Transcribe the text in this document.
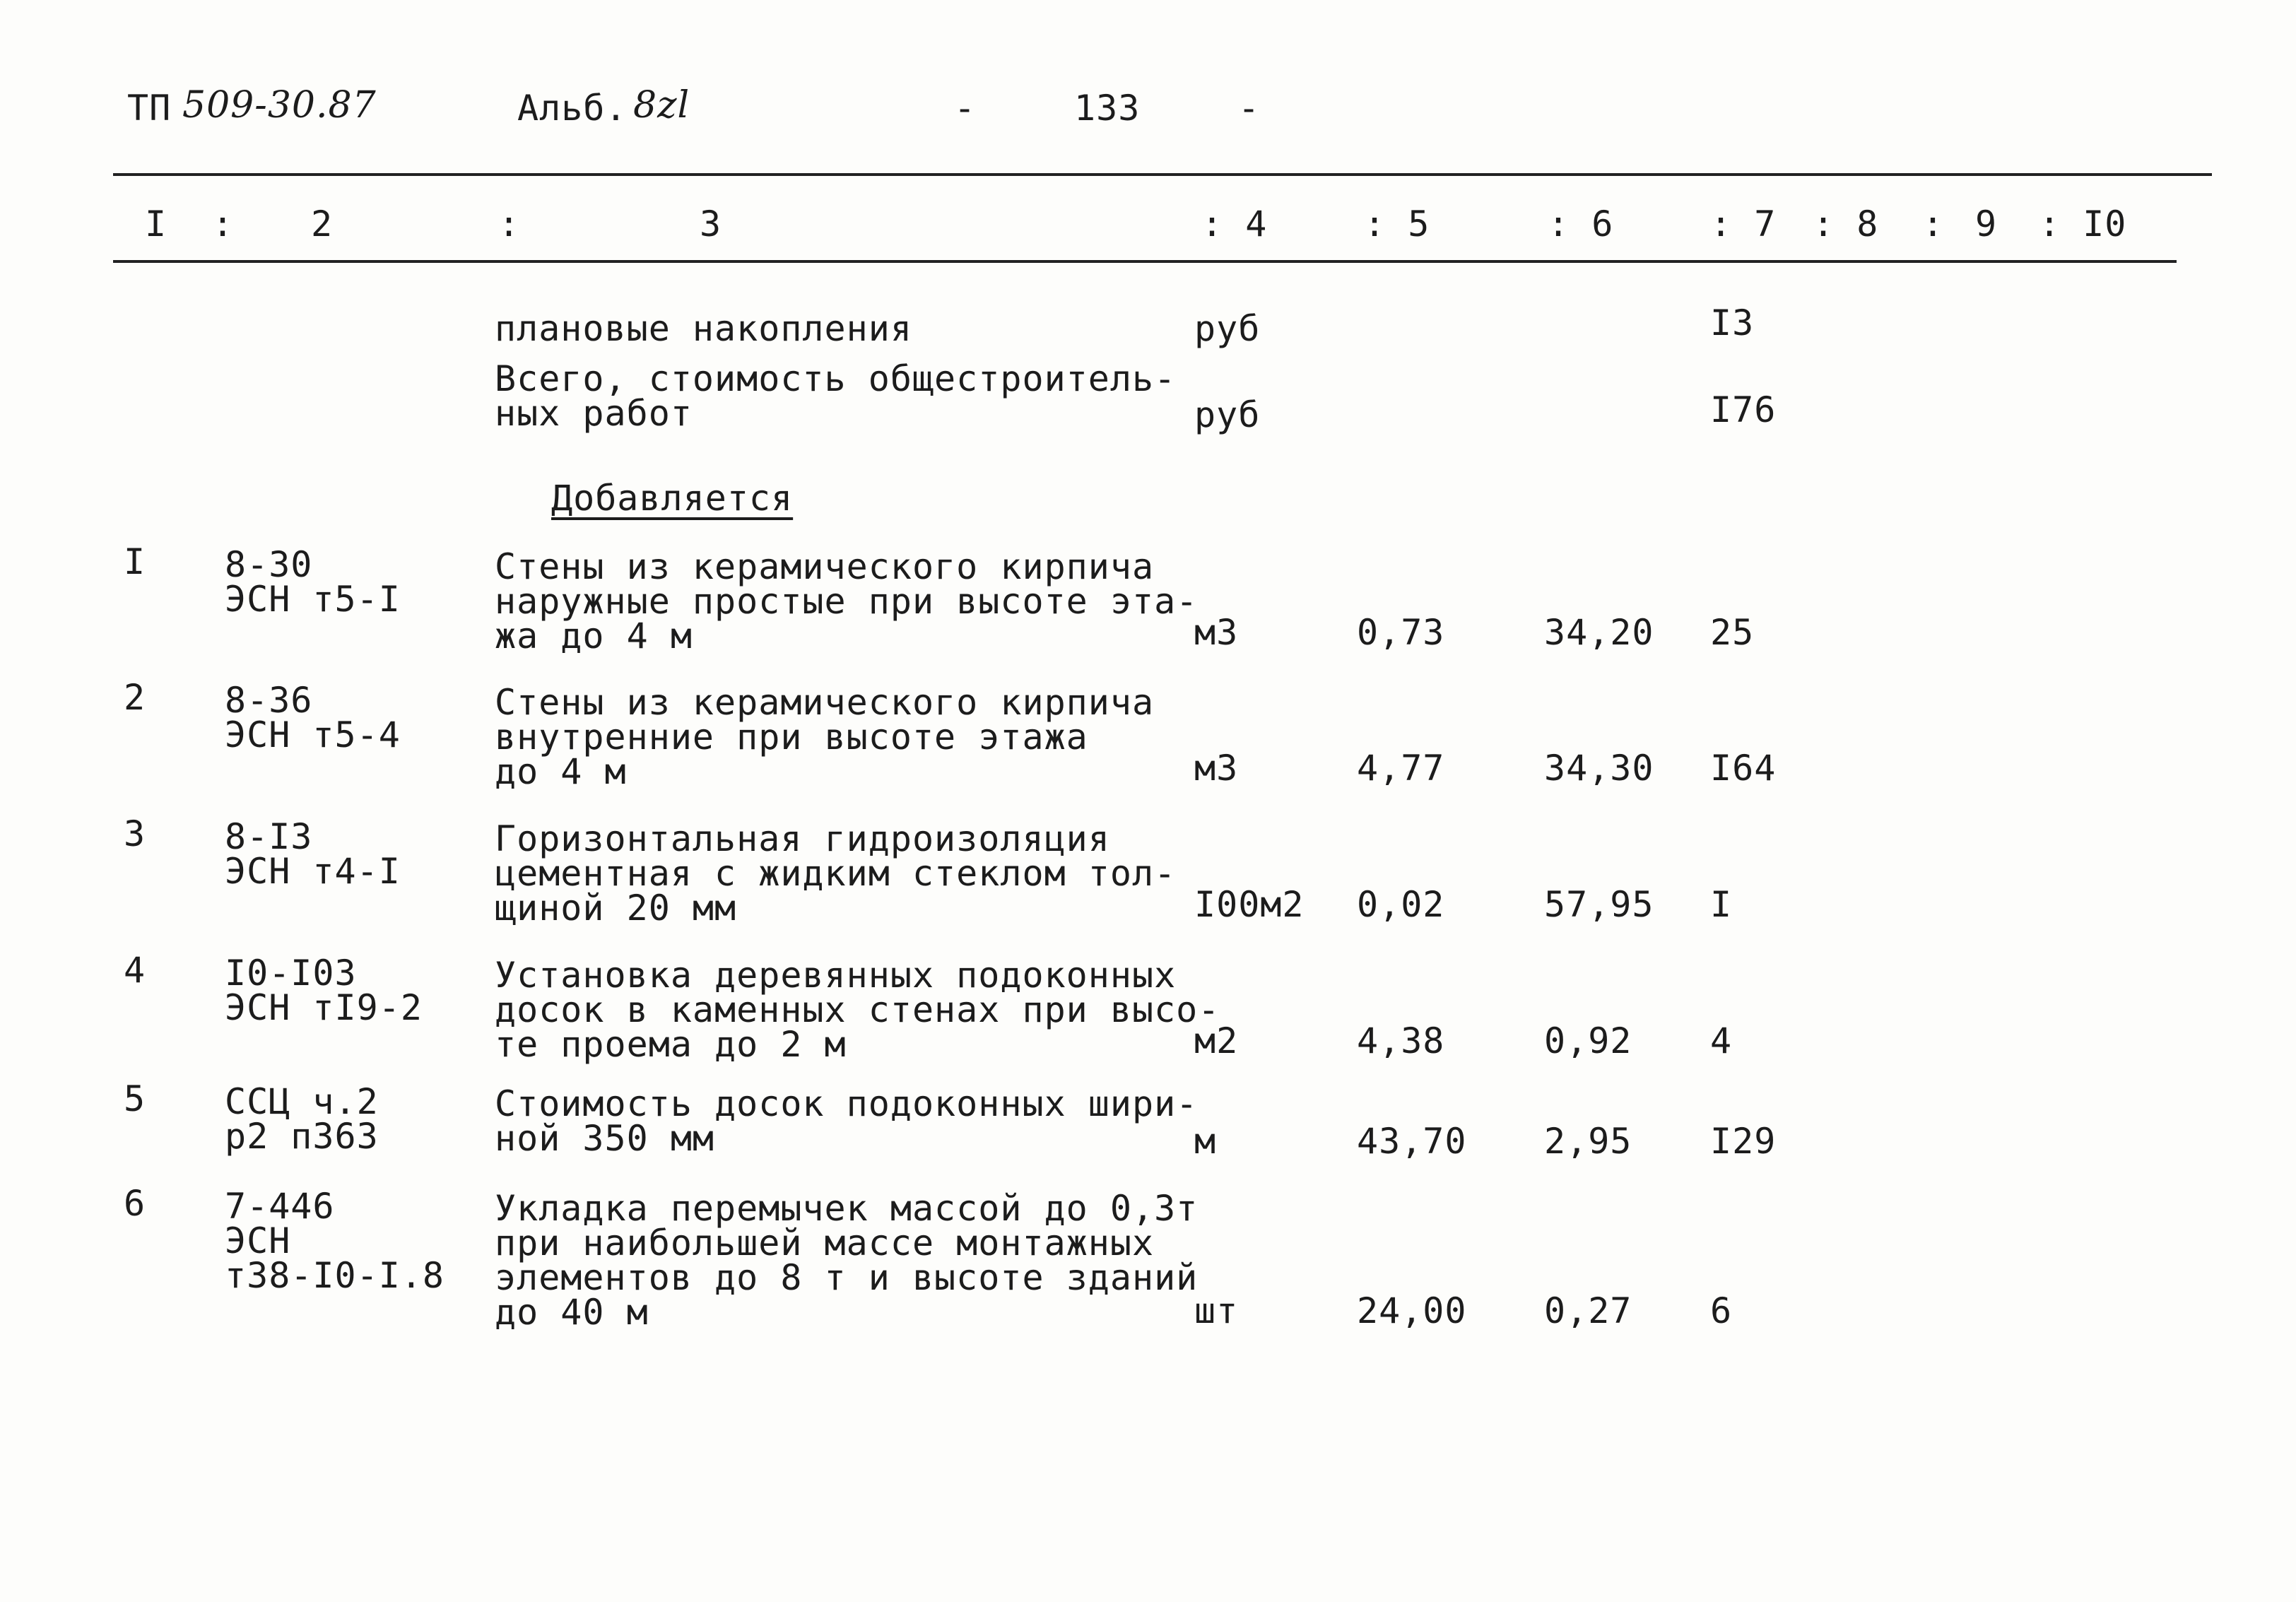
ТП 509-30.87	Альб. 8zl	-	133	-
I : 2	:	3	: 4	: 5	: 6	: 7 : 8 : 9 : I0
плановые накопления	руб	I3
Всего, стоимость общестроитель-
ных работ	руб	I76
Добавляется
I 8-30
ЭСН т5-I
Стены из керамического кирпича
наружные простые при высоте эта-
жа до 4 м	м3	0,73	34,20 25
2 8-36
ЭСН т5-4
Стены из керамического кирпича
внутренние при высоте этажа
до 4 м	м3	4,77	34,30 I64
3 8-I3
ЭСН т4-I
Горизонтальная гидроизоляция
цементная с жидким стеклом тол-
щиной 20 мм	I00м2 0,02	57,95 I
4 I0-I03
ЭСН тI9-2
Установка деревянных подоконных
досок в каменных стенах при высо-
те проема до 2 м	м2	4,38	0,92 4
5 ССЦ ч.2
р2 п363
Стоимость досок подоконных шири-
ной 350 мм	м	43,70 2,95 I29
6 7-446
ЭСН
т38-I0-I.8
Укладка перемычек массой до 0,3т
при наибольшей массе монтажных
элементов до 8 т и высоте зданий
до 40 м	шт	24,00 0,27 6
